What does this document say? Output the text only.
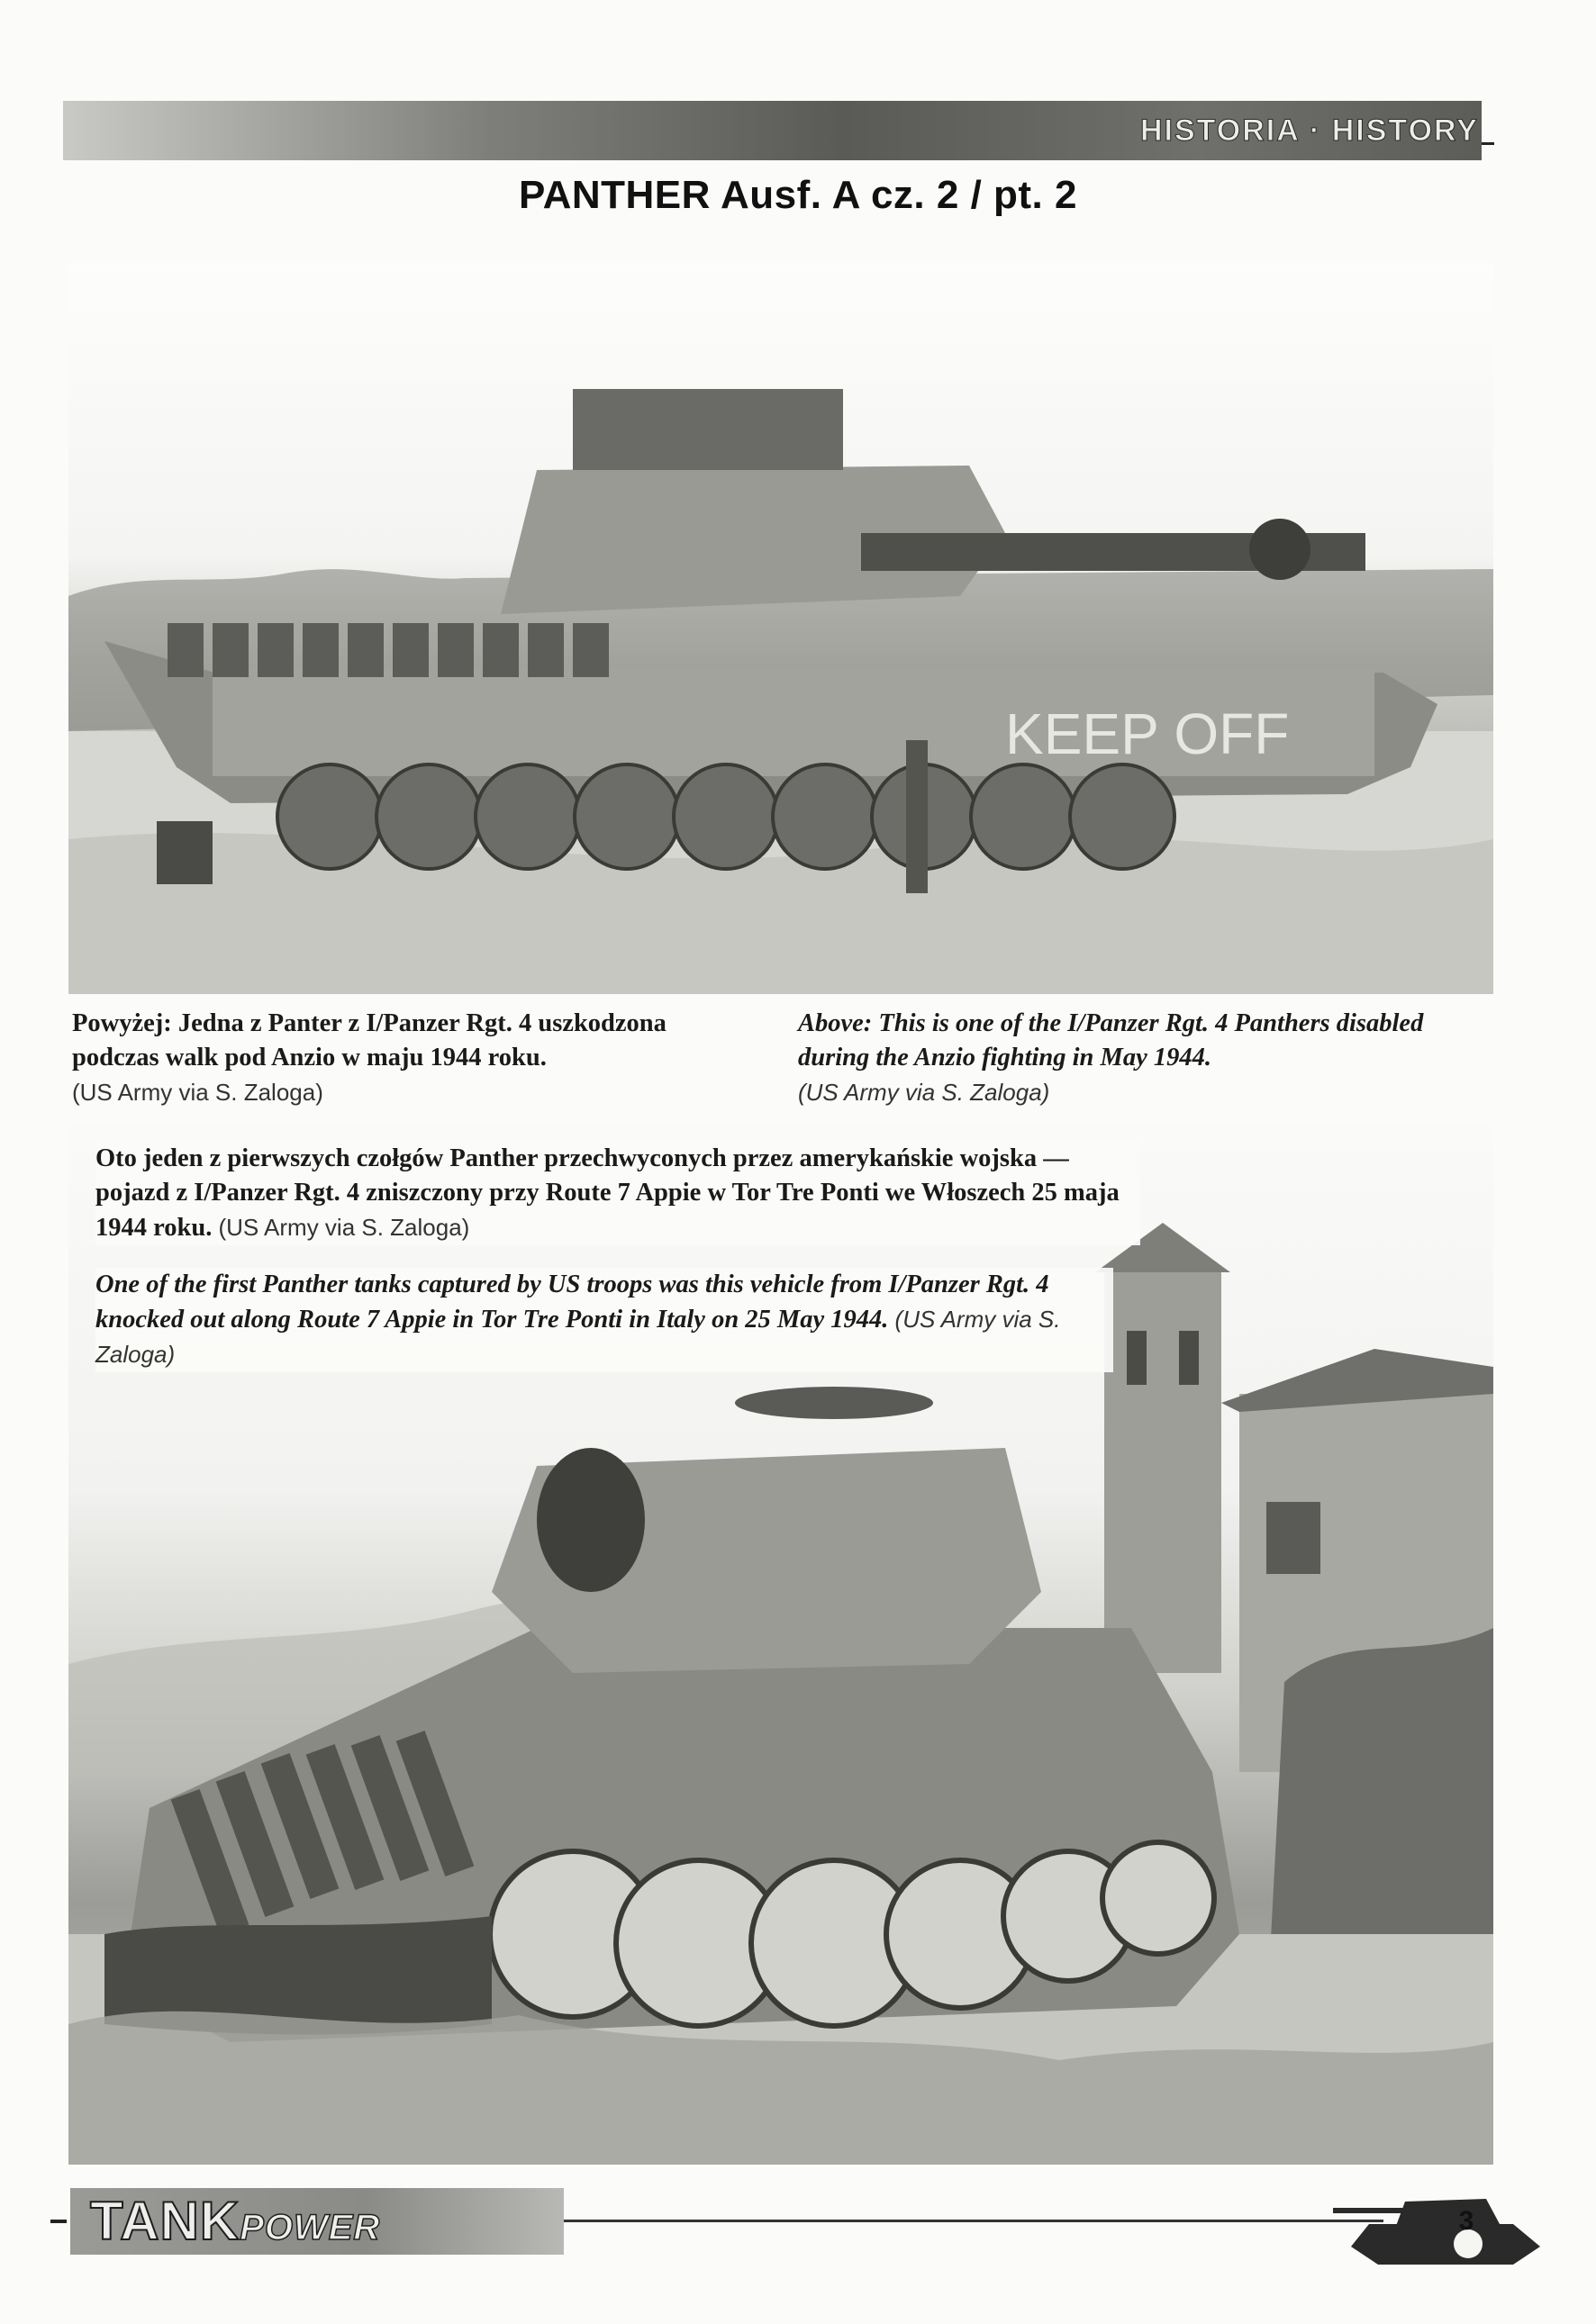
HISTORIA · HISTORY
PANTHER Ausf. A cz. 2 / pt. 2
KEEP OFF
Powyżej: Jedna z Panter z I/Panzer Rgt. 4 uszkodzona podczas walk pod Anzio w maju 1944 roku.
(US Army via S. Zaloga)
Above: This is one of the I/Panzer Rgt. 4 Panthers disabled during the Anzio fighting in May 1944.
(US Army via S. Zaloga)
Oto jeden z pierwszych czołgów Panther przechwyconych przez amerykańskie wojska — pojazd z I/Panzer Rgt. 4 zniszczony przy Route 7 Appie w Tor Tre Ponti we Włoszech 25 maja 1944 roku. (US Army via S. Zaloga)
One of the first Panther tanks captured by US troops was this vehicle from I/Panzer Rgt. 4 knocked out along Route 7 Appie in Tor Tre Ponti in Italy on 25 May 1944. (US Army via S. Zaloga)
TANKPOWER	3
